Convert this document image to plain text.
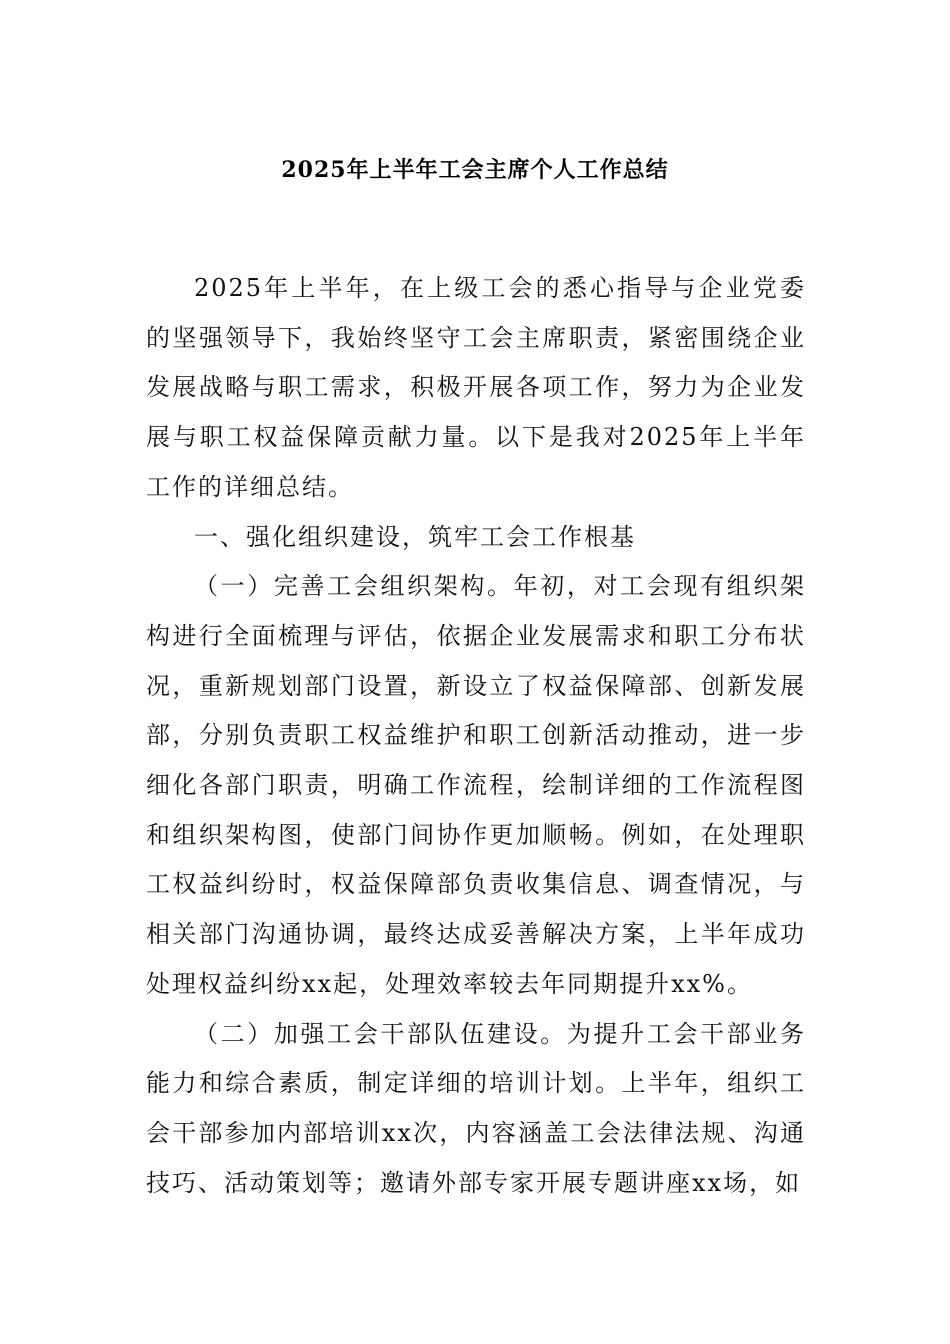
2025年上半年工会主席个人工作总结

2025年上半年，在上级工会的悉心指导与企业党委的坚强领导下，我始终坚守工会主席职责，紧密围绕企业发展战略与职工需求，积极开展各项工作，努力为企业发展与职工权益保障贡献力量。以下是我对2025年上半年工作的详细总结。

一、强化组织建设，筑牢工会工作根基

（一）完善工会组织架构。年初，对工会现有组织架构进行全面梳理与评估，依据企业发展需求和职工分布状况，重新规划部门设置，新设立了权益保障部、创新发展部，分别负责职工权益维护和职工创新活动推动，进一步细化各部门职责，明确工作流程，绘制详细的工作流程图和组织架构图，使部门间协作更加顺畅。例如，在处理职工权益纠纷时，权益保障部负责收集信息、调查情况，与相关部门沟通协调，最终达成妥善解决方案，上半年成功处理权益纠纷xx起，处理效率较去年同期提升xx%。

（二）加强工会干部队伍建设。为提升工会干部业务能力和综合素质，制定详细的培训计划。上半年，组织工会干部参加内部培训xx次，内容涵盖工会法律法规、沟通技巧、活动策划等；邀请外部专家开展专题讲座xx场，如
